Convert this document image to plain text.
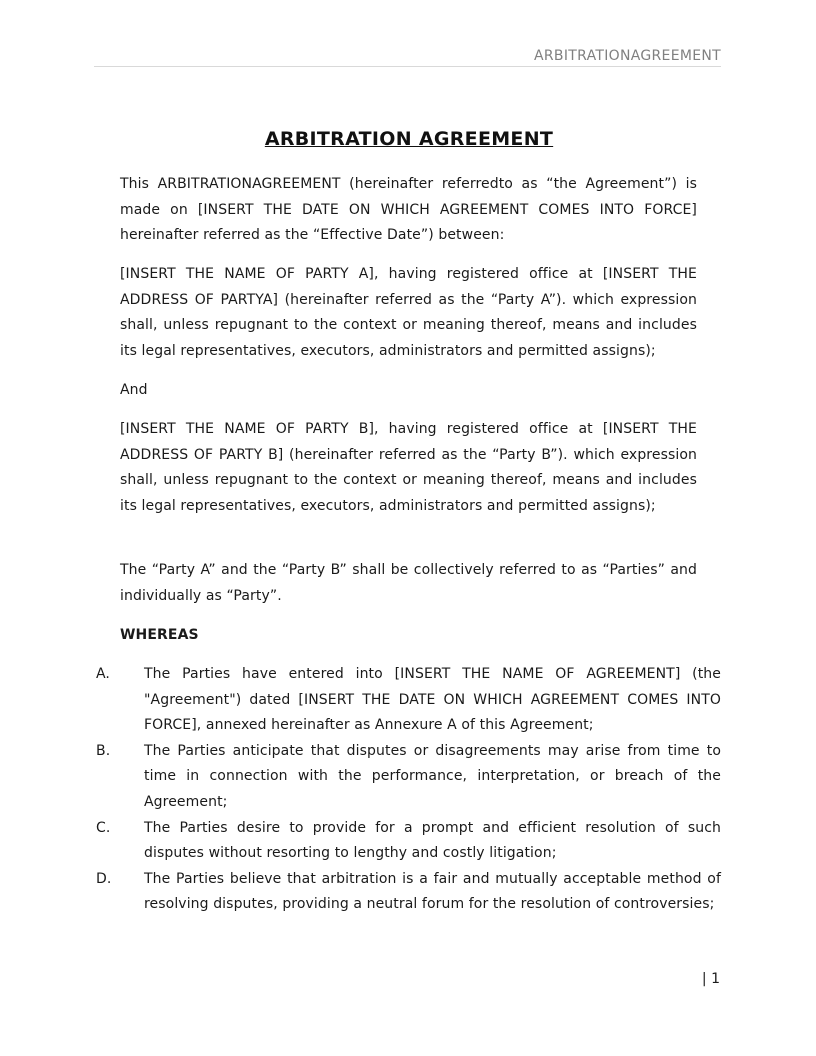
ARBITRATIONAGREEMENT
ARBITRATION AGREEMENT

This ARBITRATIONAGREEMENT (hereinafter referredto as “the Agreement”) is made on [INSERT THE DATE ON WHICH AGREEMENT COMES INTO FORCE] hereinafter referred as the “Effective Date”) between:

[INSERT THE NAME OF PARTY A], having registered office at [INSERT THE ADDRESS OF PARTYA] (hereinafter referred as the “Party A”). which expression shall, unless repugnant to the context or meaning thereof, means and includes its legal representatives, executors, administrators and permitted assigns);

And

[INSERT THE NAME OF PARTY B], having registered office at [INSERT THE ADDRESS OF PARTY B] (hereinafter referred as the “Party B”). which expression shall, unless repugnant to the context or meaning thereof, means and includes its legal representatives, executors, administrators and permitted assigns);

The “Party A” and the “Party B” shall be collectively referred to as “Parties” and individually as “Party”.

WHEREAS

A. The Parties have entered into [INSERT THE NAME OF AGREEMENT] (the "Agreement") dated [INSERT THE DATE ON WHICH AGREEMENT COMES INTO FORCE], annexed hereinafter as Annexure A of this Agreement;
B. The Parties anticipate that disputes or disagreements may arise from time to time in connection with the performance, interpretation, or breach of the Agreement;
C. The Parties desire to provide for a prompt and efficient resolution of such disputes without resorting to lengthy and costly litigation;
D. The Parties believe that arbitration is a fair and mutually acceptable method of resolving disputes, providing a neutral forum for the resolution of controversies;
| 1
